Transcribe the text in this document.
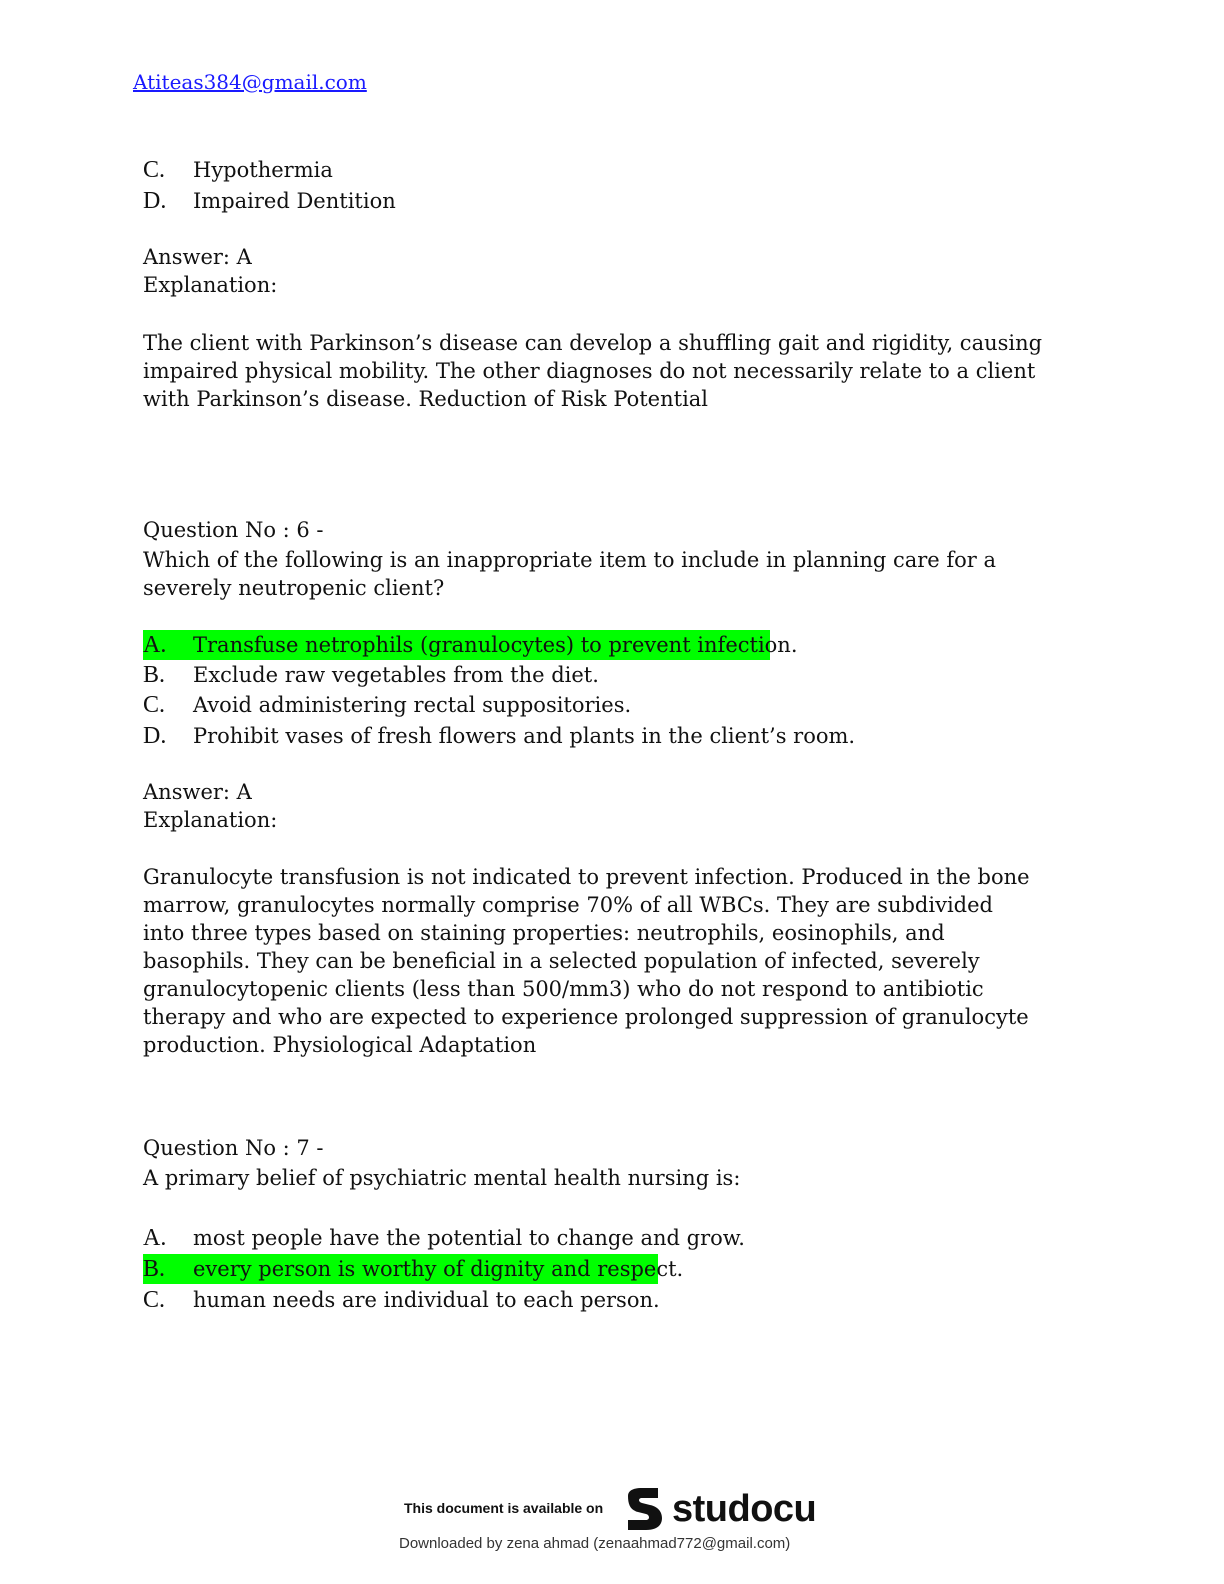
Atiteas384@gmail.com
C. Hypothermia
D.Impaired Dentition
Answer: A
Explanation:
The client with Parkinson’s disease can develop a shuffling gait and rigidity, causing impaired physical mobility. The other diagnoses do not necessarily relate to a client with Parkinson’s disease. Reduction of Risk Potential
Question No : 6 -
Which of the following is an inappropriate item to include in planning care for a severely neutropenic client?
A. Transfuse netrophils (granulocytes) to prevent infection.
B. Exclude raw vegetables from the diet.
C. Avoid administering rectal suppositories.
D.Prohibit vases of fresh flowers and plants in the client’s room.
Answer: A
Explanation:
Granulocyte transfusion is not indicated to prevent infection. Produced in the bone marrow, granulocytes normally comprise 70% of all WBCs. They are subdivided into three types based on staining properties: neutrophils, eosinophils, and basophils. They can be beneficial in a selected population of infected, severely granulocytopenic clients (less than 500/mm3) who do not respond to antibiotic therapy and who are expected to experience prolonged suppression of granulocyte production. Physiological Adaptation
Question No : 7 -
A primary belief of psychiatric mental health nursing is:
A. most people have the potential to change and grow.
B. every person is worthy of dignity and respect.
C. human needs are individual to each person.
This document is available on studocu
Downloaded by zena ahmad (zenaahmad772@gmail.com)
